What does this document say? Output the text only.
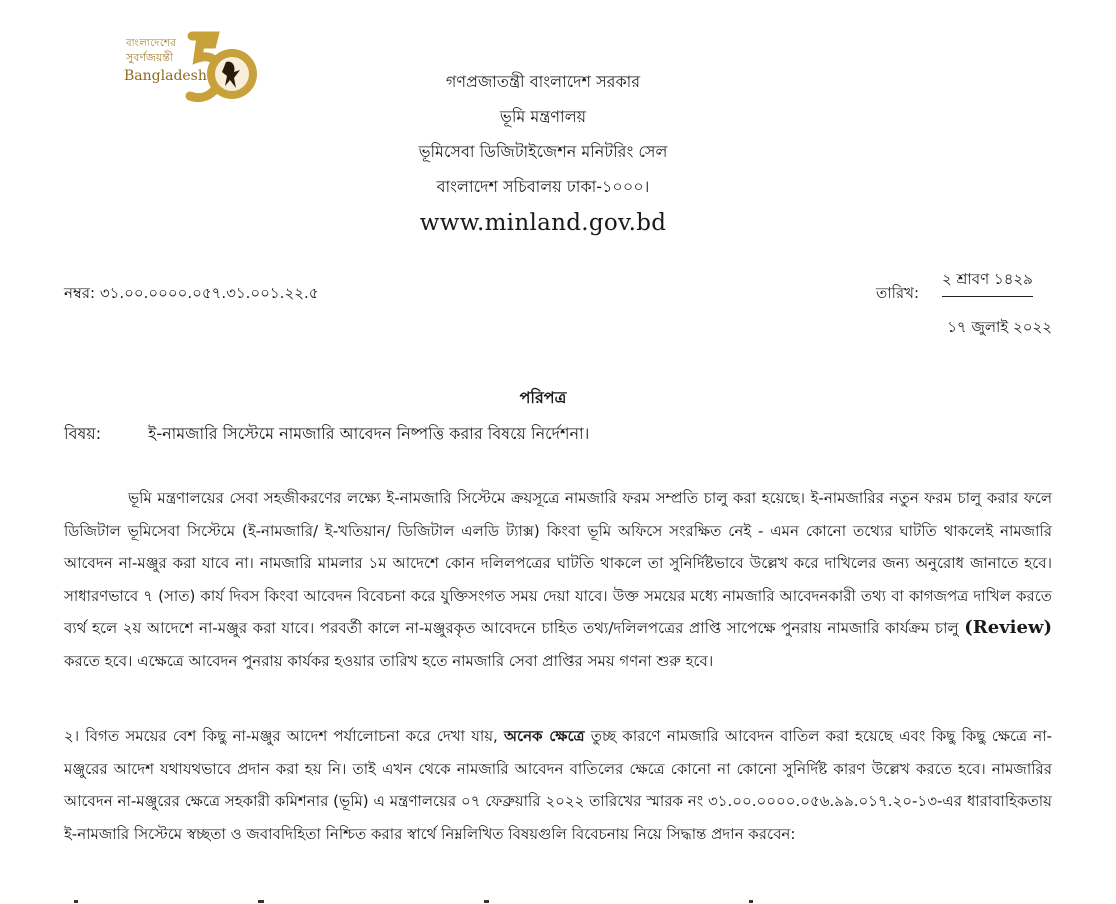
বাংলাদেশের
সুবর্ণজয়ন্তী
Bangladesh	গণপ্রজাতন্ত্রী বাংলাদেশ সরকার
ভূমি মন্ত্রণালয়
ভূমিসেবা ডিজিটাইজেশন মনিটরিং সেল
বাংলাদেশ সচিবালয় ঢাকা-১০০০।
www.minland.gov.bd
নম্বর: ৩১.০০.০০০০.০৫৭.৩১.০০১.২২.৫	তারিখ:
২ শ্রাবণ ১৪২৯
১৭ জুলাই ২০২২
পরিপত্র
বিষয়:	ই-নামজারি সিস্টেমে নামজারি আবেদন নিষ্পত্তি করার বিষয়ে নির্দেশনা।
ভূমি মন্ত্রণালয়ের সেবা সহজীকরণের লক্ষ্যে ই-নামজারি সিস্টেমে ক্রয়সূত্রে নামজারি ফরম সম্প্রতি চালু করা হয়েছে। ই-নামজারির নতুন ফরম চালু করার ফলে ডিজিটাল ভূমিসেবা সিস্টেমে (ই-নামজারি/ ই-খতিয়ান/ ডিজিটাল এলডি ট্যাক্স) কিংবা ভূমি অফিসে সংরক্ষিত নেই - এমন কোনো তথ্যের ঘাটতি থাকলেই নামজারি আবেদন না-মঞ্জুর করা যাবে না। নামজারি মামলার ১ম আদেশে কোন দলিলপত্রের ঘাটতি থাকলে তা সুনির্দিষ্টভাবে উল্লেখ করে দাখিলের জন্য অনুরোধ জানাতে হবে। সাধারণভাবে ৭ (সাত) কার্য দিবস কিংবা আবেদন বিবেচনা করে যুক্তিসংগত সময় দেয়া যাবে। উক্ত সময়ের মধ্যে নামজারি আবেদনকারী তথ্য বা কাগজপত্র দাখিল করতে ব্যর্থ হলে ২য় আদেশে না-মঞ্জুর করা যাবে। পরবর্তী কালে না-মঞ্জুরকৃত আবেদনে চাহিত তথ্য/দলিলপত্রের প্রাপ্তি সাপেক্ষে পুনরায় নামজারি কার্যক্রম চালু (Review) করতে হবে। এক্ষেত্রে আবেদন পুনরায় কার্যকর হওয়ার তারিখ হতে নামজারি সেবা প্রাপ্তির সময় গণনা শুরু হবে।
২। বিগত সময়ের বেশ কিছু না-মঞ্জুর আদেশ পর্যালোচনা করে দেখা যায়, অনেক ক্ষেত্রে তুচ্ছ কারণে নামজারি আবেদন বাতিল করা হয়েছে এবং কিছু কিছু ক্ষেত্রে না-মঞ্জুরের আদেশ যথাযথভাবে প্রদান করা হয় নি। তাই এখন থেকে নামজারি আবেদন বাতিলের ক্ষেত্রে কোনো না কোনো সুনির্দিষ্ট কারণ উল্লেখ করতে হবে। নামজারির আবেদন না-মঞ্জুরের ক্ষেত্রে সহকারী কমিশনার (ভূমি) এ মন্ত্রণালয়ের ০৭ ফেব্রুয়ারি ২০২২ তারিখের স্মারক নং ৩১.০০.০০০০.০৫৬.৯৯.০১৭.২০-১৩-এর ধারাবাহিকতায় ই-নামজারি সিস্টেমে স্বচ্ছতা ও জবাবদিহিতা নিশ্চিত করার স্বার্থে নিম্নলিখিত বিষয়গুলি বিবেচনায় নিয়ে সিদ্ধান্ত প্রদান করবেন:
